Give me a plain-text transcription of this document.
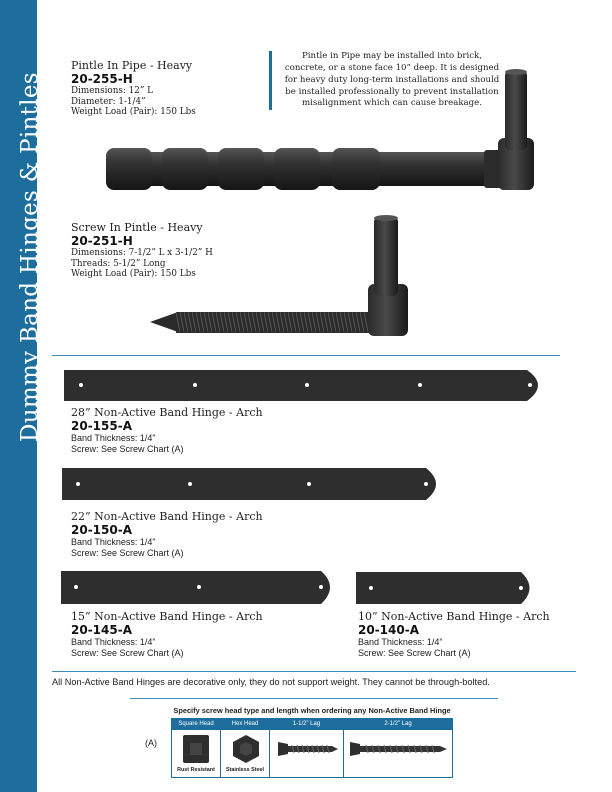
Dummy Band Hinges & Pintles
Pintle In Pipe - Heavy
20-255-H
Dimensions: 12” L
Diameter: 1-1/4”
Weight Load (Pair): 150 Lbs
Pintle in Pipe may be installed into brick, concrete, or a stone face 10” deep. It is designed for heavy duty long-term installations and should be installed professionally to prevent installation misalignment which can cause breakage.
Screw In Pintle - Heavy
20-251-H
Dimensions: 7-1/2” L x 3-1/2” H
Threads: 5-1/2” Long
Weight Load (Pair): 150 Lbs
28” Non-Active Band Hinge - Arch
20-155-A
Band Thickness: 1/4”
Screw: See Screw Chart (A)
22” Non-Active Band Hinge - Arch
20-150-A
Band Thickness: 1/4”
Screw: See Screw Chart (A)
15” Non-Active Band Hinge - Arch
20-145-A
Band Thickness: 1/4”
Screw: See Screw Chart (A)
10” Non-Active Band Hinge - Arch
20-140-A
Band Thickness: 1/4”
Screw: See Screw Chart (A)
All Non-Active Band Hinges are decorative only, they do not support weight. They cannot be through-bolted.
Specify screw head type and length when ordering any Non-Active Band Hinge
(A)
Square Head	Hex Head	1-1/2” Lag	2-1/2” Lag
Rust Resistant	Stainless Steel
